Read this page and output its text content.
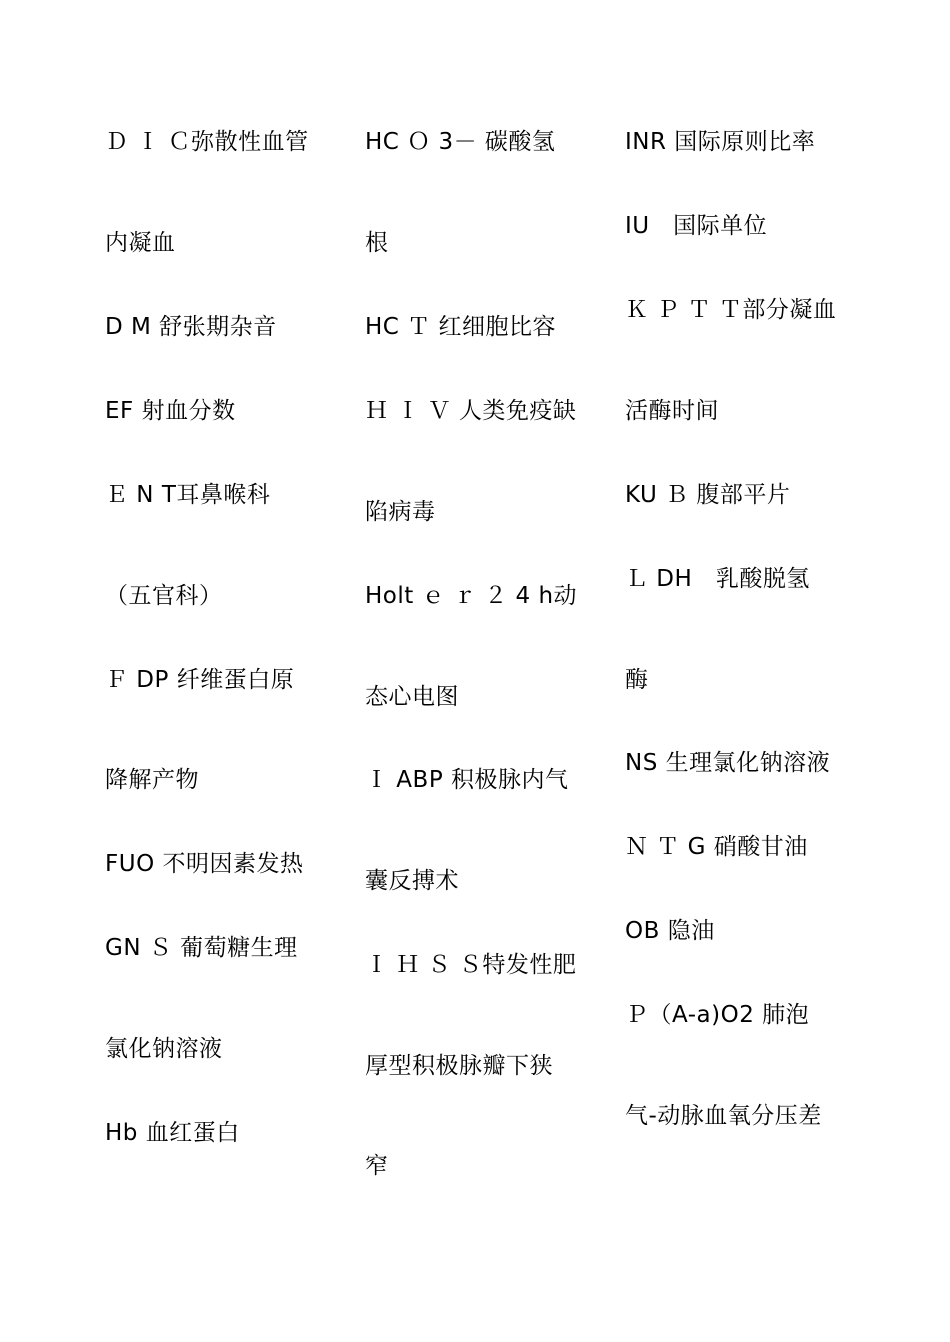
Ｄ Ｉ Ｃ弥散性血管
内凝血
D M 舒张期杂音
EF 射血分数
Ｅ N T耳鼻喉科
（五官科）
Ｆ DP 纤维蛋白原
降解产物
FUO 不明因素发热
GN Ｓ 葡萄糖生理
氯化钠溶液
Hb 血红蛋白
HC Ｏ 3－ 碳酸氢
根
HC Ｔ 红细胞比容
Ｈ Ｉ Ｖ 人类免疫缺
陷病毒
Holt ｅ ｒ ２ 4 h动
态心电图
Ｉ ABP 积极脉内气
囊反搏术
Ｉ Ｈ Ｓ Ｓ特发性肥
厚型积极脉瓣下狭
窄
INR 国际原则比率
IU　国际单位
Ｋ Ｐ Ｔ Ｔ部分凝血
活酶时间
KU Ｂ 腹部平片
Ｌ DH　乳酸脱氢
酶
NS 生理氯化钠溶液
Ｎ Ｔ G 硝酸甘油
OB 隐油
Ｐ（A-a)O2 肺泡
气-动脉血氧分压差
